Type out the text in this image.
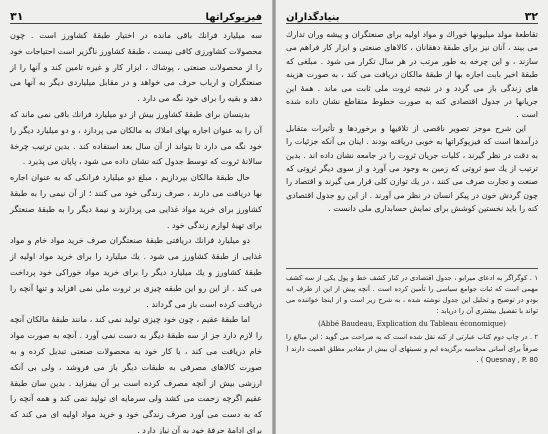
۳۱	فیزیوکراتها

سه میلیارد فرانك باقی مانده در اختیار طبقهٔ کشاورز است . چون محصولات کشاورزی کافی نیست ، طبقهٔ کشاورز ناگزیر است احتیاجات خود را از محصولات صنعتی ، پوشاك ، ابزار کار و غیره تامین کند و آنها را از صنعتگران و ارباب حرف می خواهد و در مقابل میلیاردی دیگر به آنها می دهد و بقیه را برای خود نگه می دارد .

بدینسان برای طبقهٔ کشاورز بیش از دو میلیارد فرانك باقی نمی ماند که آن را به عنوان اجاره بهای املاك به مالکان می پردازد ، و دو میلیارد دیگر را خود نگه می دارد تا بتواند از آن سال بعد استفاده کند . بدین ترتیب چرخهٔ سالانهٔ ثروت که توسط جدول کنه نشان داده می شود ، پایان می پذیرد .

حال طبقهٔ مالکان بپردازیم ، مبلغ دو میلیارد فرانکی که به عنوان اجاره بها دریافت می دارند ، صرف زندگی خود می کنند ؛ از آن نیمی را به طبقهٔ کشاورز برای خرید مواد غذایی می پردازند و نیمهٔ دیگر را به طبقهٔ صنعتگر برای تهیهٔ لوازم زندگی خود .

دو میلیارد فرانك دریافتی طبقهٔ صنعتگران صرف خرید مواد خام و مواد غذایی از طبقهٔ کشاورز می شود . یك میلیارد را برای خرید مواد اولیه از طبقهٔ کشاورز و یك میلیارد دیگر را برای خرید مواد خوراکی خود پرداخت می کند . از این رو این طبقه چیزی بر ثروت ملی نمی افزاید و تنها آنچه را دریافت کرده است باز می گرداند .

اما طبقهٔ عقیم ، چون خود چیزی تولید نمی کند ، مانند طبقهٔ مالکان آنچه را لازم دارد جز از سه طبقهٔ دیگر به دست نمی آورد . آنچه به صورت مواد خام دریافت می کند ، با کار خود به محصولات صنعتی تبدیل کرده و به صورت کالاهای مصرفی به طبقات دیگر باز می فروشد ، ولی بی آنکه ارزشی بیش از آنچه مصرف کرده است بر آن بیفزاید . بدین سان طبقهٔ عقیم اگرچه زحمت می کشد ولی سرمایه ای تولید نمی کند و همه آنچه را که به دست می آورد صرف زندگی خود و خرید مواد اولیه ای می کند که برای ادامهٔ حرفهٔ خود به آن نیاز دارد .

بنیادگذاران	۳۲

تقاطعهٔ مولد میلیونها خوراك و مواد اولیه برای صنعتگران و پیشه وران تدارك می بیند ، آنان نیز برای طبقهٔ دهقانان ، کالاهای صنعتی و ابزار کار فراهم می سازند ، و این چرخه به طور مرتب در هر سال تکرار می شود . مبلغی که طبقهٔ اخیر بابت اجاره بها از طبقهٔ مالکان دریافت می کند ، به صورت هزینه های زندگی باز می گردد و در نتیجه ثروت ملی ثابت می ماند . همهٔ این جریانها در جدول اقتصادی کنه به صورت خطوط متقاطع نشان داده شده است .

این شرح موجز تصویر ناقصی از تلاقیها و برخوردها و تأثیرات متقابل درآمدها است که فیزیوکراتها به خوبی دریافته بودند . اینان بی آنکه جزئیات را به دقت در نظر گیرند ، کلیات جریان ثروت را در جامعه نشان داده اند . بدین ترتیب از یك سو ثروتی که زمین به وجود می آورد و از سوی دیگر ثروتی که صنعت و تجارت صرف می کنند ، در یك توازن کلی قرار می گیرند و اقتصاد را چون گردش خون در پیکر انسان در نظر می آورند . از این رو جدول اقتصادی کنه را باید نخستین کوشش برای نمایش حسابداری ملی دانست .

۱ . کوگراگر به ادعای میرابو ، جدول اقتصادی در کنار کشف خط و پول یکی از سه کشف مهمی است که ثبات جوامع سیاسی را تأمین کرده است . آنچه پیش از این از طرف ابه بودو در توضیح و تحلیل این جدول نوشته شده ، به شرح زیر است و از اینجا خواننده می تواند با تفصیل بیشتری آن را دریابد :

(Abbé Baudeau, Explication du Tableau économique)

۲ . در چاپ دوم کتاب عبارتی از کنه نقل شده است که به صراحت می گوید : این مبالغ را صرفاً برای آسانی محاسبه برگزیده ایم و نسبتهای آن بیش از مقادیر مطلق اهمیت دارند ( Quesnay , P. 80 ) .
